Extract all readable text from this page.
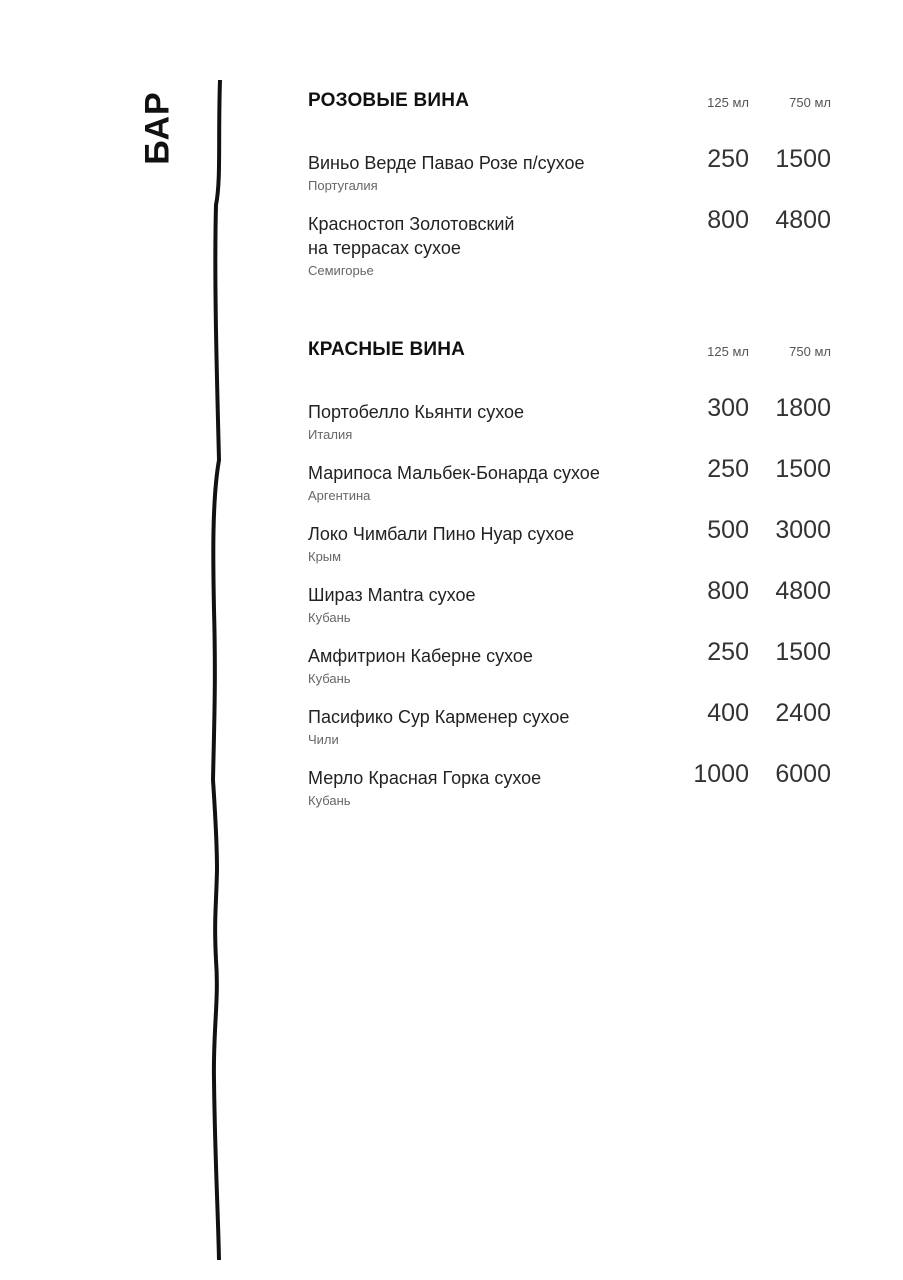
БАР	РОЗОВЫЕ ВИНА	125 мл	750 мл
Виньо Верде Павао Розе п/сухое
Португалия
250	1500
Красностоп Золотовский
на террасах сухое
Семигорье
800	4800
КРАСНЫЕ ВИНА	125 мл	750 мл
Портобелло Кьянти сухое
Италия
300	1800
Марипоса Мальбек-Бонарда сухое
Аргентина
250	1500
Локо Чимбали Пино Нуар сухое
Крым
500	3000
Шираз Mantra сухое
Кубань
800	4800
Амфитрион Каберне сухое
Кубань
250	1500
Пасифико Сур Карменер сухое
Чили
400	2400
Мерло Красная Горка сухое
Кубань
1000	6000
